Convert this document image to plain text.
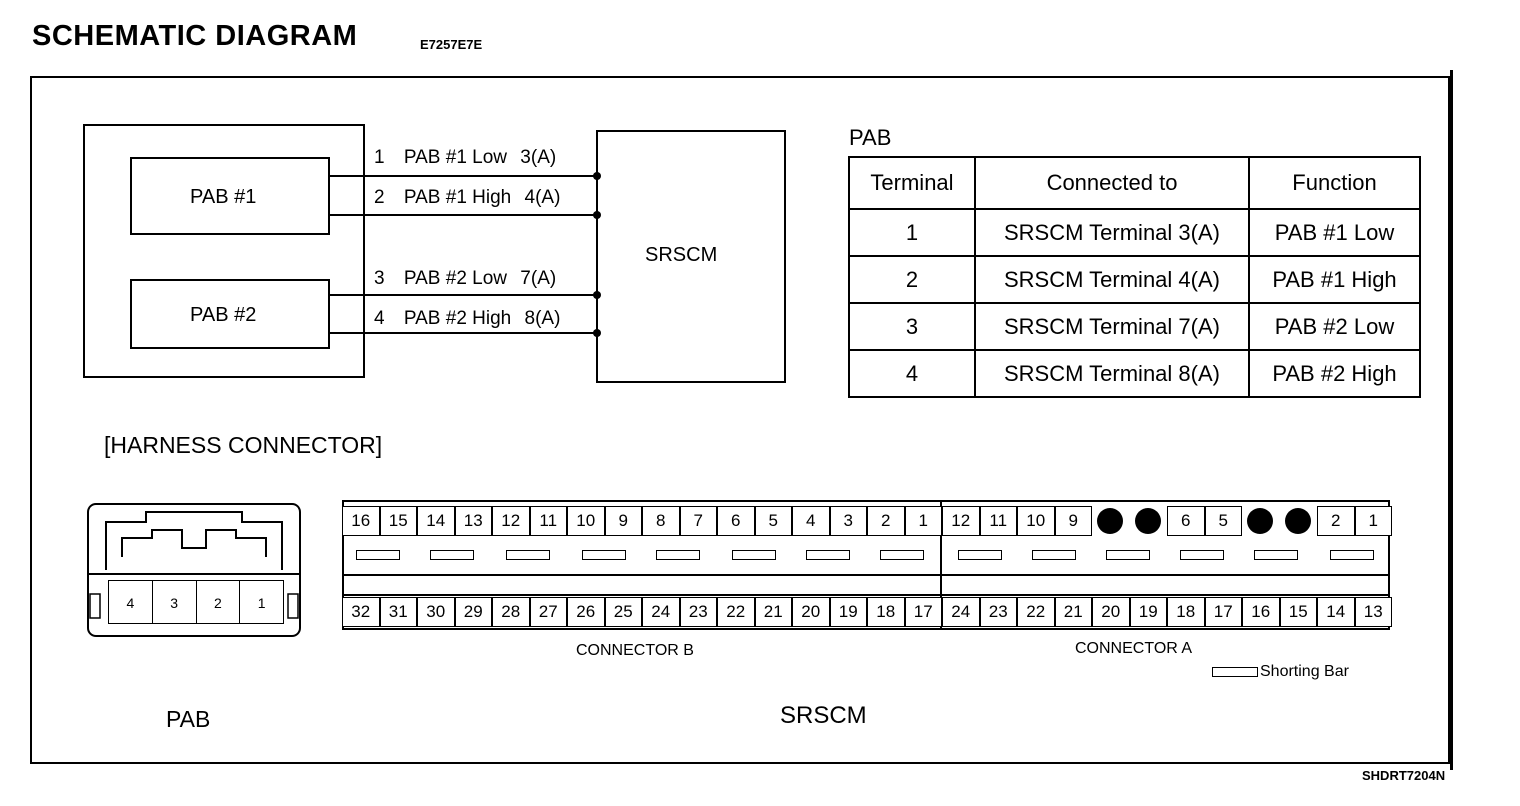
SCHEMATIC DIAGRAM	E7257E7E
PAB #1
PAB #2
SRSCM
1 PAB #1 Low 3(A)
2 PAB #1 High 4(A)
3 PAB #2 Low 7(A)
4 PAB #2 High 8(A)
PAB
Terminal	Connected to	Function
1	SRSCM Terminal 3(A)	PAB #1 Low
2	SRSCM Terminal 4(A)	PAB #1 High
3	SRSCM Terminal 7(A)	PAB #2 Low
4	SRSCM Terminal 8(A)	PAB #2 High
[HARNESS CONNECTOR]
4	3	2	1
CONNECTOR B	CONNECTOR A
Shorting Bar
PAB	SRSCM
SHDRT7204N
16	15	14	13	12	11	10	9	8	7	6	5	4	3	2	1
32	31	30	29	28	27	26	25	24	23	22	21	20	19	18	17
12	11	10	9	6	5	2	1
24	23	22	21	20	19	18	17	16	15	14	13
